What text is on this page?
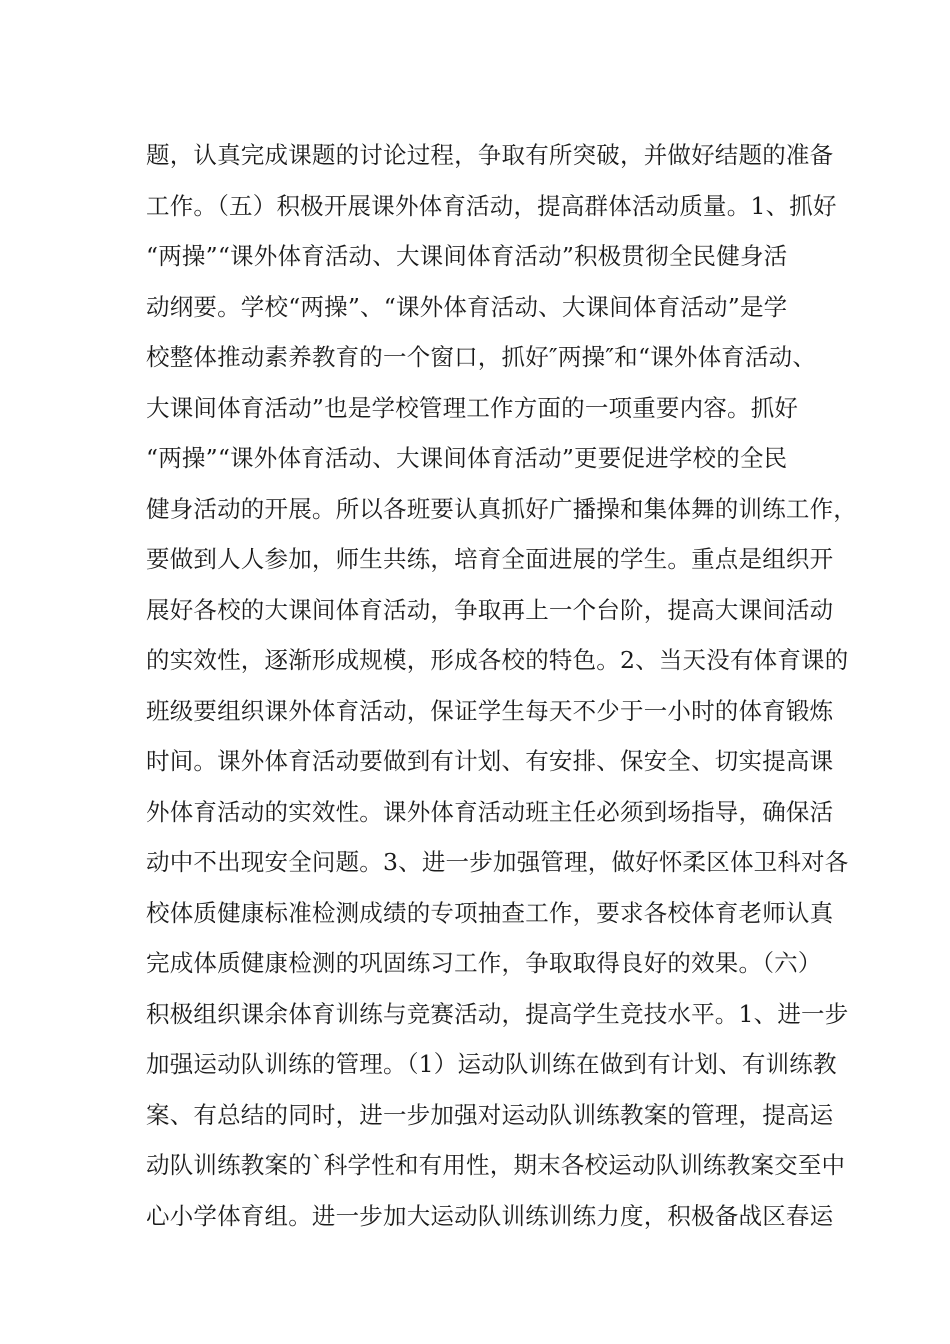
题，认真完成课题的讨论过程，争取有所突破，并做好结题的准备
工作。（五）积极开展课外体育活动，提高群体活动质量。1、抓好
“两操”“课外体育活动、大课间体育活动”积极贯彻全民健身活
动纲要。学校“两操”、“课外体育活动、大课间体育活动”是学
校整体推动素养教育的一个窗口，抓好″两操″和“课外体育活动、
大课间体育活动”也是学校管理工作方面的一项重要内容。抓好
“两操”“课外体育活动、大课间体育活动”更要促进学校的全民
健身活动的开展。所以各班要认真抓好广播操和集体舞的训练工作，
要做到人人参加，师生共练，培育全面进展的学生。重点是组织开
展好各校的大课间体育活动，争取再上一个台阶，提高大课间活动
的实效性，逐渐形成规模，形成各校的特色。2、当天没有体育课的
班级要组织课外体育活动，保证学生每天不少于一小时的体育锻炼
时间。课外体育活动要做到有计划、有安排、保安全、切实提高课
外体育活动的实效性。课外体育活动班主任必须到场指导，确保活
动中不出现安全问题。3、进一步加强管理，做好怀柔区体卫科对各
校体质健康标准检测成绩的专项抽查工作，要求各校体育老师认真
完成体质健康检测的巩固练习工作，争取取得良好的效果。（六）
积极组织课余体育训练与竞赛活动，提高学生竞技水平。1、进一步
加强运动队训练的管理。（1）运动队训练在做到有计划、有训练教
案、有总结的同时，进一步加强对运动队训练教案的管理，提高运
动队训练教案的`科学性和有用性，期末各校运动队训练教案交至中
心小学体育组。进一步加大运动队训练训练力度，积极备战区春运
